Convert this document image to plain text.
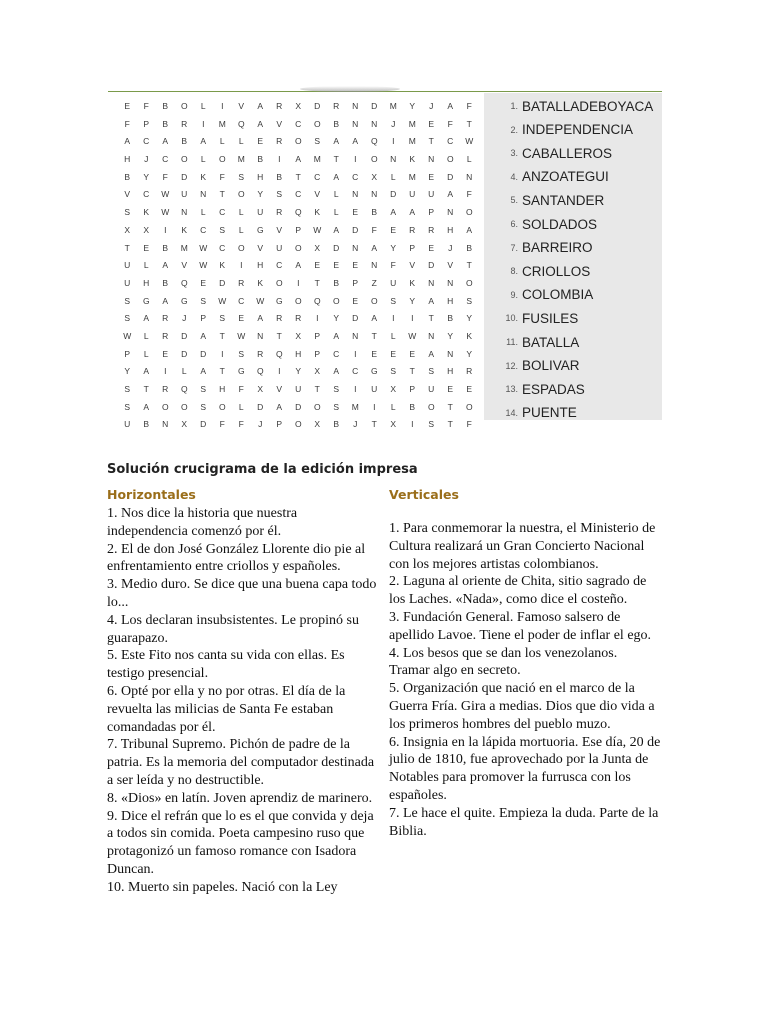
E F B O L I V A R X D R N D M Y J A F
F P B R I M Q A V C O B N N J M E F T
A C A B A L L E R O S A A Q I M T C W
H J C O L O M B I A M T I O N K N O L
B Y F D K F S H B T C A C X L M E D N
V C W U N T O Y S C V L N N D U U A F
S K W N L C L U R Q K L E B A A P N O
X X I K C S L G V P W A D F E R R H A
T E B M W C O V U O X D N A Y P E J B
U L A V W K I H C A E E E N F V D V T
U H B Q E D R K O I T B P Z U K N N O
S G A G S W C W G O Q O E O S Y A H S
S A R J P S E A R R I Y D A I I T B Y
W L R D A T W N T X P A N T L W N Y K
P L E D D I S R Q H P C I E E E A N Y
Y A I L A T G Q I Y X A C G S T S H R
S T R Q S H F X V U T S I U X P U E E
S A O O S O L D A D O S M I L B O T O
U B N X D F F J P O X B J T X I S T F
1. BATALLADEBOYACA
2. INDEPENDENCIA
3. CABALLEROS
4. ANZOATEGUI
5. SANTANDER
6. SOLDADOS
7. BARREIRO
8. CRIOLLOS
9. COLOMBIA
10. FUSILES
11. BATALLA
12. BOLIVAR
13. ESPADAS
14. PUENTE
Solución crucigrama de la edición impresa
Horizontales	Verticales

1. Nos dice la historia que nuestra independencia comenzó por él.

2. El de don José González Llorente dio pie al enfrentamiento entre criollos y españoles.

3. Medio duro. Se dice que una buena capa todo lo...

4. Los declaran insubsistentes. Le propinó su guarapazo.

5. Este Fito nos canta su vida con ellas. Es testigo presencial.

6. Opté por ella y no por otras. El día de la revuelta las milicias de Santa Fe estaban comandadas por él.

7. Tribunal Supremo. Pichón de padre de la patria. Es la memoria del computador destinada a ser leída y no destructible.

8. «Dios» en latín. Joven aprendiz de marinero.

9. Dice el refrán que lo es el que convida y deja a todos sin comida. Poeta campesino ruso que protagonizó un famoso romance con Isadora Duncan.

10. Muerto sin papeles. Nació con la Ley

1. Para conmemorar la nuestra, el Ministerio de Cultura realizará un Gran Concierto Nacional con los mejores artistas colombianos.

2. Laguna al oriente de Chita, sitio sagrado de los Laches. «Nada», como dice el costeño.

3. Fundación General. Famoso salsero de apellido Lavoe. Tiene el poder de inflar el ego.

4. Los besos que se dan los venezolanos. Tramar algo en secreto.

5. Organización que nació en el marco de la Guerra Fría. Gira a medias. Dios que dio vida a los primeros hombres del pueblo muzo.

6. Insignia en la lápida mortuoria. Ese día, 20 de julio de 1810, fue aprovechado por la Junta de Notables para promover la furrusca con los españoles.

7. Le hace el quite. Empieza la duda. Parte de la Biblia.
